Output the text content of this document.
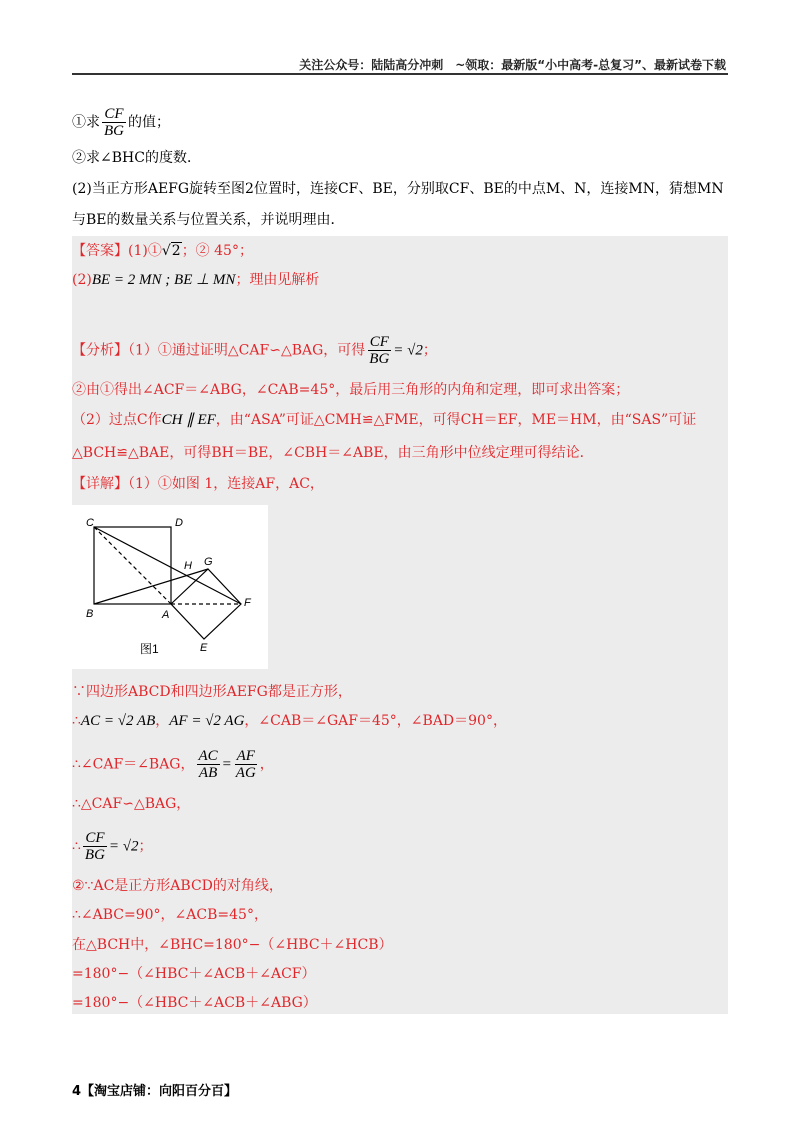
关注公众号：陆陆高分冲刺　~领取：最新版“小中高考-总复习”、最新试卷下载
①求 $\frac{CF}{BG}$ 的值；
②求∠BHC的度数．
(2)当正方形AEFG旋转至图2位置时，连接CF、BE，分别取CF、BE的中点M、N，连接MN，猜想MN
与BE的数量关系与位置关系，并说明理由．
【答案】(1)①√2；② 45°；
(2)BE = 2 MN ; BE ⊥ MN；理由见解析
【分析】（1）①通过证明△CAF∽△BAG，可得 $\frac{CF}{BG} = √2$；
②由①得出∠ACF＝∠ABG，∠CAB=45°，最后用三角形的内角和定理，即可求出答案；
（2）过点C作CH ∥ EF，由“ASA”可证△CMH≌△FME，可得CH＝EF，ME＝HM，由“SAS”可证
△BCH≌△BAE，可得BH＝BE，∠CBH＝∠ABE，由三角形中位线定理可得结论．
【详解】（1）①如图 1，连接AF，AC，
C	D
G
H
B	A
F
E
图1
∵四边形ABCD和四边形AEFG都是正方形，
∴AC = √2 AB，AF = √2 AG，∠CAB＝∠GAF＝45°，∠BAD＝90°，
∴∠CAF＝∠BAG， $\frac{AC}{AB} = \frac{AF}{AG}$ ，
∴△CAF∽△BAG，
∴ $\frac{CF}{BG} = √2$；
②∵AC是正方形ABCD的对角线，
∴∠ABC=90°，∠ACB=45°，
在△BCH中，∠BHC=180°−（∠HBC＋∠HCB）
=180°−（∠HBC＋∠ACB＋∠ACF）
=180°−（∠HBC＋∠ACB＋∠ABG）
4【淘宝店铺：向阳百分百】
